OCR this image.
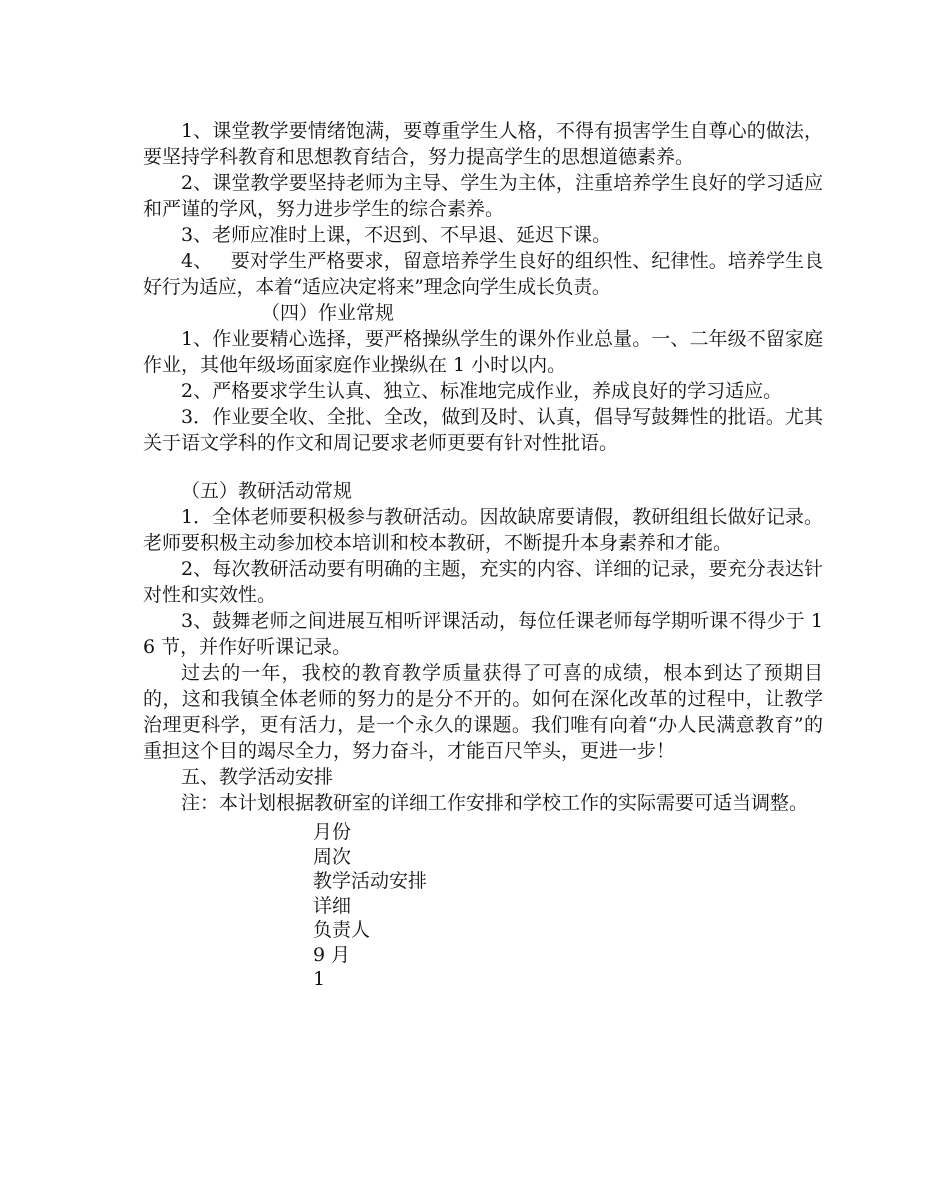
1、课堂教学要情绪饱满，要尊重学生人格，不得有损害学生自尊心的做法，要坚持学科教育和思想教育结合，努力提高学生的思想道德素养。

2、课堂教学要坚持老师为主导、学生为主体，注重培养学生良好的学习适应和严谨的学风，努力进步学生的综合素养。

3、老师应准时上课，不迟到、不早退、延迟下课。

4、   要对学生严格要求，留意培养学生良好的组织性、纪律性。培养学生良好行为适应，本着“适应决定将来”理念向学生成长负责。

（四）作业常规

1、作业要精心选择，要严格操纵学生的课外作业总量。一、二年级不留家庭作业，其他年级场面家庭作业操纵在 1 小时以内。

2、严格要求学生认真、独立、标准地完成作业，养成良好的学习适应。

3．作业要全收、全批、全改，做到及时、认真，倡导写鼓舞性的批语。尤其关于语文学科的作文和周记要求老师更要有针对性批语。

（五）教研活动常规

1．全体老师要积极参与教研活动。因故缺席要请假，教研组组长做好记录。老师要积极主动参加校本培训和校本教研，不断提升本身素养和才能。

2、每次教研活动要有明确的主题，充实的内容、详细的记录，要充分表达针对性和实效性。

3、鼓舞老师之间进展互相听评课活动，每位任课老师每学期听课不得少于 16 节，并作好听课记录。

过去的一年，我校的教育教学质量获得了可喜的成绩，根本到达了预期目的，这和我镇全体老师的努力的是分不开的。如何在深化改革的过程中，让教学治理更科学，更有活力，是一个永久的课题。我们唯有向着“办人民满意教育”的重担这个目的竭尽全力，努力奋斗，才能百尺竿头，更进一步！

五、教学活动安排

注：本计划根据教研室的详细工作安排和学校工作的实际需要可适当调整。

月份
周次
教学活动安排
详细
负责人
9 月
1
